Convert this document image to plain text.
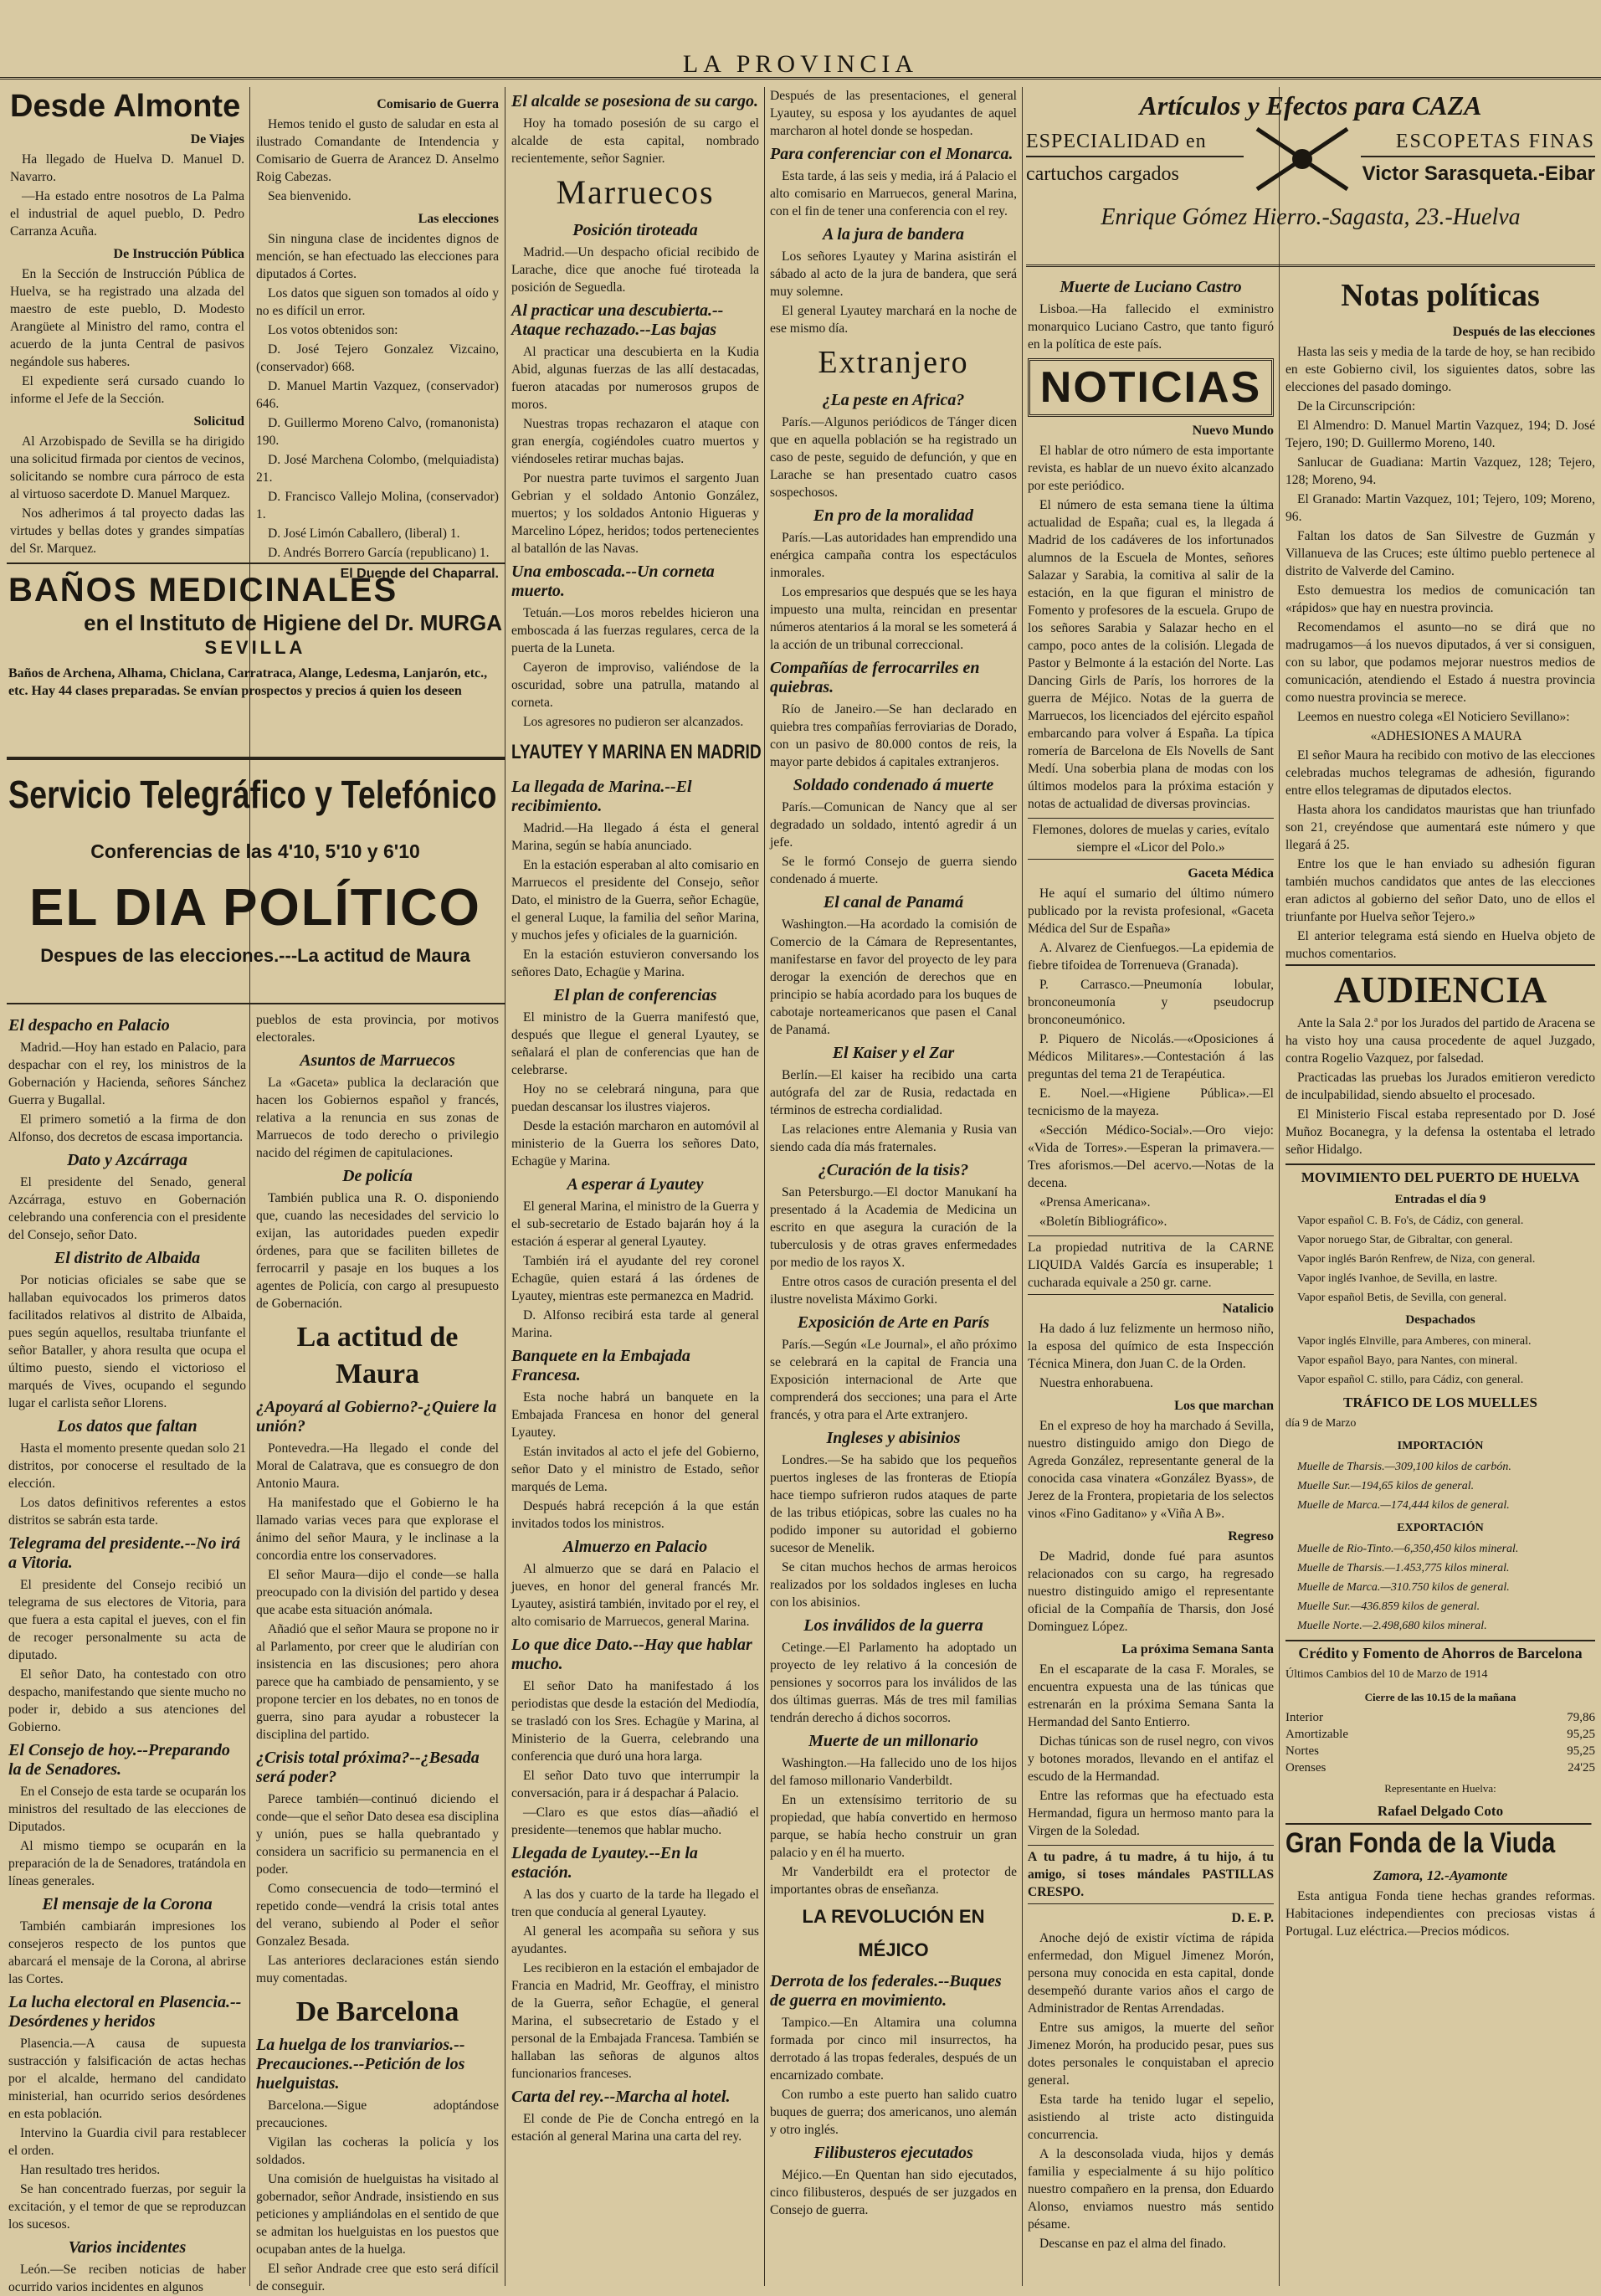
LA PROVINCIA
Desde Almonte
De Viajes

Ha llegado de Huelva D. Manuel D. Navarro.

—Ha estado entre nosotros de La Palma el industrial de aquel pueblo, D. Pedro Carranza Acuña.

De Instrucción Pública

En la Sección de Instrucción Pública de Huelva, se ha registrado una alzada del maestro de este pueblo, D. Modesto Arangüete al Ministro del ramo, contra el acuerdo de la junta Central de pasivos negándole sus haberes.

El expediente será cursado cuando lo informe el Jefe de la Sección.

Solicitud

Al Arzobispado de Sevilla se ha dirigido una solicitud firmada por cientos de vecinos, solicitando se nombre cura párroco de esta al virtuoso sacerdote D. Manuel Marquez.

Nos adherimos á tal proyecto dadas las virtudes y bellas dotes y grandes simpatías del Sr. Marquez.

Comisario de Guerra

Hemos tenido el gusto de saludar en esta al ilustrado Comandante de Intendencia y Comisario de Guerra de Arancez D. Anselmo Roig Cabezas.

Sea bienvenido.

Las elecciones

Sin ninguna clase de incidentes dignos de mención, se han efectuado las elecciones para diputados á Cortes.

Los datos que siguen son tomados al oído y no es difícil un error.

Los votos obtenidos son:

D. José Tejero Gonzalez Vizcaino, (conservador) 668.

D. Manuel Martin Vazquez, (conservador) 646.

D. Guillermo Moreno Calvo, (romanonista) 190.

D. José Marchena Colombo, (melquiadista) 21.

D. Francisco Vallejo Molina, (conservador) 1.

D. José Limón Caballero, (liberal) 1.

D. Andrés Borrero García (republicano) 1.

El Duende del Chaparral.
BAÑOS MEDICINALES
en el Instituto de Higiene del Dr. MURGA
SEVILLA
Baños de Archena, Alhama, Chiclana, Carratraca, Alange, Ledesma, Lanjarón, etc., etc. Hay 44 clases preparadas. Se envían prospectos y precios á quien los deseen
Servicio Telegráfico y Telefónico
Conferencias de las 4'10, 5'10 y 6'10
EL DIA POLÍTICO
Despues de las elecciones.---La actitud de Maura
El despacho en Palacio

Madrid.—Hoy han estado en Palacio, para despachar con el rey, los ministros de la Gobernación y Hacienda, señores Sánchez Guerra y Bugallal.

El primero sometió a la firma de don Alfonso, dos decretos de escasa importancia.

Dato y Azcárraga

El presidente del Senado, general Azcárraga, estuvo en Gobernación celebrando una conferencia con el presidente del Consejo, señor Dato.

El distrito de Albaida

Por noticias oficiales se sabe que se hallaban equivocados los primeros datos facilitados relativos al distrito de Albaida, pues según aquellos, resultaba triunfante el señor Bataller, y ahora resulta que ocupa el último puesto, siendo el victorioso el marqués de Vives, ocupando el segundo lugar el carlista señor Llorens.

Los datos que faltan

Hasta el momento presente quedan solo 21 distritos, por conocerse el resultado de la elección.

Los datos definitivos referentes a estos distritos se sabrán esta tarde.

Telegrama del presidente.--No irá a Vitoria.

El presidente del Consejo recibió un telegrama de sus electores de Vitoria, para que fuera a esta capital el jueves, con el fin de recoger personalmente su acta de diputado.

El señor Dato, ha contestado con otro despacho, manifestando que siente mucho no poder ir, debido a sus atenciones del Gobierno.

El Consejo de hoy.--Preparando la de Senadores.

En el Consejo de esta tarde se ocuparán los ministros del resultado de las elecciones de Diputados.

Al mismo tiempo se ocuparán en la preparación de la de Senadores, tratándola en líneas generales.

El mensaje de la Corona

También cambiarán impresiones los consejeros respecto de los puntos que abarcará el mensaje de la Corona, al abrirse las Cortes.

La lucha electoral en Plasencia.--Desórdenes y heridos

Plasencia.—A causa de supuesta sustracción y falsificación de actas hechas por el alcalde, hermano del candidato ministerial, han ocurrido serios desórdenes en esta población.

Intervino la Guardia civil para restablecer el orden.

Han resultado tres heridos.

Se han concentrado fuerzas, por seguir la excitación, y el temor de que se reproduzcan los sucesos.

Varios incidentes

León.—Se reciben noticias de haber ocurrido varios incidentes en algunos

pueblos de esta provincia, por motivos electorales.

Asuntos de Marruecos

La «Gaceta» publica la declaración que hacen los Gobiernos español y francés, relativa a la renuncia en sus zonas de Marruecos de todo derecho o privilegio nacido del régimen de capitulaciones.

De policía

También publica una R. O. disponiendo que, cuando las necesidades del servicio lo exijan, las autoridades pueden expedir órdenes, para que se faciliten billetes de ferrocarril y pasaje en los buques a los agentes de Policía, con cargo al presupuesto de Gobernación.

La actitud de Maura
¿Apoyará al Gobierno?-¿Quiere la unión?

Pontevedra.—Ha llegado el conde del Moral de Calatrava, que es consuegro de don Antonio Maura.

Ha manifestado que el Gobierno le ha llamado varias veces para que explorase el ánimo del señor Maura, y le inclinase a la concordia entre los conservadores.

El señor Maura—dijo el conde—se halla preocupado con la división del partido y desea que acabe esta situación anómala.

Añadió que el señor Maura se propone no ir al Parlamento, por creer que le aludirían con insistencia en las discusiones; pero ahora parece que ha cambiado de pensamiento, y se propone tercier en los debates, no en tonos de guerra, sino para ayudar a robustecer la disciplina del partido.

¿Crisis total próxima?--¿Besada será poder?

Parece también—continuó diciendo el conde—que el señor Dato desea esa disciplina y unión, pues se halla quebrantado y considera un sacrificio su permanencia en el poder.

Como consecuencia de todo—terminó el repetido conde—vendrá la crisis total antes del verano, subiendo al Poder el señor Gonzalez Besada.

Las anteriores declaraciones están siendo muy comentadas.

De Barcelona
La huelga de los tranviarios.--Precauciones.--Petición de los huelguistas.

Barcelona.—Sigue adoptándose precauciones.

Vigilan las cocheras la policía y los soldados.

Una comisión de huelguistas ha visitado al gobernador, señor Andrade, insistiendo en sus peticiones y ampliándolas en el sentido de que se admitan los huelguistas en los puestos que ocupaban antes de la huelga.

El señor Andrade cree que esto será difícil de conseguir.

El alcalde se posesiona de su cargo.

Hoy ha tomado posesión de su cargo el alcalde de esta capital, nombrado recientemente, señor Sagnier.

Marruecos
Posición tiroteada

Madrid.—Un despacho oficial recibido de Larache, dice que anoche fué tiroteada la posición de Seguedla.

Al practicar una descubierta.--Ataque rechazado.--Las bajas

Al practicar una descubierta en la Kudia Abid, algunas fuerzas de las allí destacadas, fueron atacadas por numerosos grupos de moros.

Nuestras tropas rechazaron el ataque con gran energía, cogiéndoles cuatro muertos y viéndoseles retirar muchas bajas.

Por nuestra parte tuvimos el sargento Juan Gebrian y el soldado Antonio González, muertos; y los soldados Antonio Higueras y Marcelino López, heridos; todos pertenecientes al batallón de las Navas.

Una emboscada.--Un corneta muerto.

Tetuán.—Los moros rebeldes hicieron una emboscada á las fuerzas regulares, cerca de la puerta de la Luneta.

Cayeron de improviso, valiéndose de la oscuridad, sobre una patrulla, matando al corneta.

Los agresores no pudieron ser alcanzados.

LYAUTEY Y MARINA EN MADRID
La llegada de Marina.--El recibimiento.

Madrid.—Ha llegado á ésta el general Marina, según se había anunciado.

En la estación esperaban al alto comisario en Marruecos el presidente del Consejo, señor Dato, el ministro de la Guerra, señor Echagüe, el general Luque, la familia del señor Marina, y muchos jefes y oficiales de la guarnición.

En la estación estuvieron conversando los señores Dato, Echagüe y Marina.

El plan de conferencias

El ministro de la Guerra manifestó que, después que llegue el general Lyautey, se señalará el plan de conferencias que han de celebrarse.

Hoy no se celebrará ninguna, para que puedan descansar los ilustres viajeros.

Desde la estación marcharon en automóvil al ministerio de la Guerra los señores Dato, Echagüe y Marina.

A esperar á Lyautey

El general Marina, el ministro de la Guerra y el sub-secretario de Estado bajarán hoy á la estación á esperar al general Lyautey.

También irá el ayudante del rey coronel Echagüe, quien estará á las órdenes de Lyautey, mientras este permanezca en Madrid.

D. Alfonso recibirá esta tarde al general Marina.

Banquete en la Embajada Francesa.

Esta noche habrá un banquete en la Embajada Francesa en honor del general Lyautey.

Están invitados al acto el jefe del Gobierno, señor Dato y el ministro de Estado, señor marqués de Lema.

Después habrá recepción á la que están invitados todos los ministros.

Almuerzo en Palacio

Al almuerzo que se dará en Palacio el jueves, en honor del general francés Mr. Lyautey, asistirá también, invitado por el rey, el alto comisario de Marruecos, general Marina.

Lo que dice Dato.--Hay que hablar mucho.

El señor Dato ha manifestado á los periodistas que desde la estación del Mediodía, se trasladó con los Sres. Echagüe y Marina, al Ministerio de la Guerra, celebrando una conferencia que duró una hora larga.

El señor Dato tuvo que interrumpir la conversación, para ir á despachar á Palacio.

—Claro es que estos días—añadió el presidente—tenemos que hablar mucho.

Llegada de Lyautey.--En la estación.

A las dos y cuarto de la tarde ha llegado el tren que conducía al general Lyautey.

Al general les acompaña su señora y sus ayudantes.

Les recibieron en la estación el embajador de Francia en Madrid, Mr. Geoffray, el ministro de la Guerra, señor Echagüe, el general Marina, el subsecretario de Estado y el personal de la Embajada Francesa. También se hallaban las señoras de algunos altos funcionarios franceses.

Carta del rey.--Marcha al hotel.

El conde de Pie de Concha entregó en la estación al general Marina una carta del rey.

Después de las presentaciones, el general Lyautey, su esposa y los ayudantes de aquel marcharon al hotel donde se hospedan.

Para conferenciar con el Monarca.

Esta tarde, á las seis y media, irá á Palacio el alto comisario en Marruecos, general Marina, con el fin de tener una conferencia con el rey.

A la jura de bandera

Los señores Lyautey y Marina asistirán el sábado al acto de la jura de bandera, que será muy solemne.

El general Lyautey marchará en la noche de ese mismo día.

Extranjero
¿La peste en Africa?

París.—Algunos periódicos de Tánger dicen que en aquella población se ha registrado un caso de peste, seguido de defunción, y que en Larache se han presentado cuatro casos sospechosos.

En pro de la moralidad

París.—Las autoridades han emprendido una enérgica campaña contra los espectáculos inmorales.

Los empresarios que después que se les haya impuesto una multa, reincidan en presentar números atentarios á la moral se les someterá á la acción de un tribunal correccional.

Compañías de ferrocarriles en quiebras.

Río de Janeiro.—Se han declarado en quiebra tres compañías ferroviarias de Dorado, con un pasivo de 80.000 contos de reis, la mayor parte debidos á capitales extranjeros.

Soldado condenado á muerte

París.—Comunican de Nancy que al ser degradado un soldado, intentó agredir á un jefe.

Se le formó Consejo de guerra siendo condenado á muerte.

El canal de Panamá

Washington.—Ha acordado la comisión de Comercio de la Cámara de Representantes, manifestarse en favor del proyecto de ley para derogar la exención de derechos que en principio se había acordado para los buques de cabotaje norteamericanos que pasen el Canal de Panamá.

El Kaiser y el Zar

Berlín.—El kaiser ha recibido una carta autógrafa del zar de Rusia, redactada en términos de estrecha cordialidad.

Las relaciones entre Alemania y Rusia van siendo cada día más fraternales.

¿Curación de la tisis?

San Petersburgo.—El doctor Manukaní ha presentado á la Academia de Medicina un escrito en que asegura la curación de la tuberculosis y de otras graves enfermedades por medio de los rayos X.

Entre otros casos de curación presenta el del ilustre novelista Máximo Gorki.

Exposición de Arte en París

París.—Según «Le Journal», el año próximo se celebrará en la capital de Francia una Exposición internacional de Arte que comprenderá dos secciones; una para el Arte francés, y otra para el Arte extranjero.

Ingleses y abisinios

Londres.—Se ha sabido que los pequeños puertos ingleses de las fronteras de Etiopía hace tiempo sufrieron rudos ataques de parte de las tribus etiópicas, sobre las cuales no ha podido imponer su autoridad el gobierno sucesor de Menelik.

Se citan muchos hechos de armas heroicos realizados por los soldados ingleses en lucha con los abisinios.

Los inválidos de la guerra

Cetinge.—El Parlamento ha adoptado un proyecto de ley relativo á la concesión de pensiones y socorros para los inválidos de las dos últimas guerras. Más de tres mil familias tendrán derecho á dichos socorros.

Muerte de un millonario

Washington.—Ha fallecido uno de los hijos del famoso millonario Vanderbildt.

En un extensísimo territorio de su propiedad, que había convertido en hermoso parque, se había hecho construir un gran palacio y en él ha muerto.

Mr Vanderbildt era el protector de importantes obras de enseñanza.

LA REVOLUCIÓN EN MÉJICO
Derrota de los federales.--Buques de guerra en movimiento.

Tampico.—En Altamira una columna formada por cinco mil insurrectos, ha derrotado á las tropas federales, después de un encarnizado combate.

Con rumbo a este puerto han salido cuatro buques de guerra; dos americanos, uno alemán y otro inglés.

Filibusteros ejecutados

Méjico.—En Quentan han sido ejecutados, cinco filibusteros, después de ser juzgados en Consejo de guerra.

Artículos y Efectos para CAZA
ESPECIALIDAD en
cartuchos cargados
ESCOPETAS FINAS
Victor Sarasqueta.-Eibar
Enrique Gómez Hierro.-Sagasta, 23.-Huelva
Muerte de Luciano Castro

Lisboa.—Ha fallecido el exministro monarquico Luciano Castro, que tanto figuró en la política de este país.

NOTICIAS
Nuevo Mundo

El hablar de otro número de esta importante revista, es hablar de un nuevo éxito alcanzado por este periódico.

El número de esta semana tiene la última actualidad de España; cual es, la llegada á Madrid de los cadáveres de los infortunados alumnos de la Escuela de Montes, señores Salazar y Sarabia, la comitiva al salir de la estación, en la que figuran el ministro de Fomento y profesores de la escuela. Grupo de los señores Sarabia y Salazar hecho en el campo, poco antes de la colisión. Llegada de Pastor y Belmonte á la estación del Norte. Las Dancing Girls de París, los horrores de la guerra de Méjico. Notas de la guerra de Marruecos, los licenciados del ejército español embarcando para volver á España. La típica romería de Barcelona de Els Novells de Sant Medí. Una soberbia plana de modas con los últimos modelos para la próxima estación y notas de actualidad de diversas provincias.

Flemones, dolores de muelas y caries, evítalo siempre el «Licor del Polo.»
Gaceta Médica

He aquí el sumario del último número publicado por la revista profesional, «Gaceta Médica del Sur de España»

A. Alvarez de Cienfuegos.—La epidemia de fiebre tifoidea de Torrenueva (Granada).

P. Carrasco.—Pneumonía lobular, bronconeumonía y pseudocrup bronconeumónico.

P. Piquero de Nicolás.—«Oposiciones á Médicos Militares».—Contestación á las preguntas del tema 21 de Terapéutica.

E. Noel.—«Higiene Pública».—El tecnicismo de la mayeza.

«Sección Médico-Social».—Oro viejo: «Vida de Torres».—Esperan la primavera.—Tres aforismos.—Del acervo.—Notas de la decena.

«Prensa Americana».

«Boletín Bibliográfico».

La propiedad nutritiva de la CARNE LIQUIDA Valdés García es insuperable; 1 cucharada equivale a 250 gr. carne.
Natalicio

Ha dado á luz felizmente un hermoso niño, la esposa del químico de esta Inspección Técnica Minera, don Juan C. de la Orden.

Nuestra enhorabuena.

Los que marchan

En el expreso de hoy ha marchado á Sevilla, nuestro distinguido amigo don Diego de Agreda González, representante general de la conocida casa vinatera «González Byass», de Jerez de la Frontera, propietaria de los selectos vinos «Fino Gaditano» y «Viña A B».

Regreso

De Madrid, donde fué para asuntos relacionados con su cargo, ha regresado nuestro distinguido amigo el representante oficial de la Compañía de Tharsis, don José Dominguez López.

La próxima Semana Santa

En el escaparate de la casa F. Morales, se encuentra expuesta una de las túnicas que estrenarán en la próxima Semana Santa la Hermandad del Santo Entierro.

Dichas túnicas son de rusel negro, con vivos y botones morados, llevando en el antifaz el escudo de la Hermandad.

Entre las reformas que ha efectuado esta Hermandad, figura un hermoso manto para la Virgen de la Soledad.

A tu padre, á tu madre, á tu hijo, á tu amigo, si toses mándales PASTILLAS CRESPO.
D. E. P.

Anoche dejó de existir víctima de rápida enfermedad, don Miguel Jimenez Morón, persona muy conocida en esta capital, donde desempeñó durante varios años el cargo de Administrador de Rentas Arrendadas.

Entre sus amigos, la muerte del señor Jimenez Morón, ha producido pesar, pues sus dotes personales le conquistaban el aprecio general.

Esta tarde ha tenido lugar el sepelio, asistiendo al triste acto distinguida concurrencia.

A la desconsolada viuda, hijos y demás familia y especialmente á su hijo político nuestro compañero en la prensa, don Eduardo Alonso, enviamos nuestro más sentido pésame.

Descanse en paz el alma del finado.

Notas políticas
Después de las elecciones

Hasta las seis y media de la tarde de hoy, se han recibido en este Gobierno civil, los siguientes datos, sobre las elecciones del pasado domingo.

De la Circunscripción:

El Almendro: D. Manuel Martin Vazquez, 194; D. José Tejero, 190; D. Guillermo Moreno, 140.

Sanlucar de Guadiana: Martin Vazquez, 128; Tejero, 128; Moreno, 94.

El Granado: Martin Vazquez, 101; Tejero, 109; Moreno, 96.

Faltan los datos de San Silvestre de Guzmán y Villanueva de las Cruces; este último pueblo pertenece al distrito de Valverde del Camino.

Esto demuestra los medios de comunicación tan «rápidos» que hay en nuestra provincia.

Recomendamos el asunto—no se dirá que no madrugamos—á los nuevos diputados, á ver si consiguen, con su labor, que podamos mejorar nuestros medios de comunicación, atendiendo el Estado á nuestra provincia como nuestra provincia se merece.

Leemos en nuestro colega «El Noticiero Sevillano»:

«ADHESIONES A MAURA

El señor Maura ha recibido con motivo de las elecciones celebradas muchos telegramas de adhesión, figurando entre ellos telegramas de diputados electos.

Hasta ahora los candidatos mauristas que han triunfado son 21, creyéndose que aumentará este número y que llegará á 25.

Entre los que le han enviado su adhesión figuran también muchos candidatos que antes de las elecciones eran adictos al gobierno del señor Dato, uno de ellos el triunfante por Huelva señor Tejero.»

El anterior telegrama está siendo en Huelva objeto de muchos comentarios.

AUDIENCIA

Ante la Sala 2.ª por los Jurados del partido de Aracena se ha visto hoy una causa procedente de aquel Juzgado, contra Rogelio Vazquez, por falsedad.

Practicadas las pruebas los Jurados emitieron veredicto de inculpabilidad, siendo absuelto el procesado.

El Ministerio Fiscal estaba representado por D. José Muñoz Bocanegra, y la defensa la ostentaba el letrado señor Hidalgo.

MOVIMIENTO DEL PUERTO DE HUELVA
Entradas el día 9

Vapor español C. B. Fo's, de Cádiz, con general.

Vapor noruego Star, de Gibraltar, con general.

Vapor inglés Barón Renfrew, de Niza, con general.

Vapor inglés Ivanhoe, de Sevilla, en lastre.

Vapor español Betis, de Sevilla, con general.

Despachados

Vapor inglés Elnville, para Amberes, con mineral.

Vapor español Bayo, para Nantes, con mineral.

Vapor español C. stillo, para Cádiz, con general.

TRÁFICO DE LOS MUELLES
día 9 de Marzo
IMPORTACIÓN

Muelle de Tharsis.—309,100 kilos de carbón.

Muelle Sur.—194,65 kilos de general.

Muelle de Marca.—174,444 kilos de general.

EXPORTACIÓN

Muelle de Rio-Tinto.—6,350,450 kilos mineral.

Muelle de Tharsis.—1.453,775 kilos mineral.

Muelle de Marca.—310.750 kilos de general.

Muelle Sur.—436.859 kilos de general.

Muelle Norte.—2.498,680 kilos mineral.

Crédito y Fomento de Ahorros de Barcelona
Últimos Cambios del 10 de Marzo de 1914
Cierre de las 10.15 de la mañana
Interior	79,86
Amortizable	95,25
Nortes	95,25
Orenses	24'25
Representante en Huelva:
Rafael Delgado Coto
Gran Fonda de la Viuda
Zamora, 12.-Ayamonte

Esta antigua Fonda tiene hechas grandes reformas. Habitaciones independientes con preciosas vistas á Portugal. Luz eléctrica.—Precios módicos.
